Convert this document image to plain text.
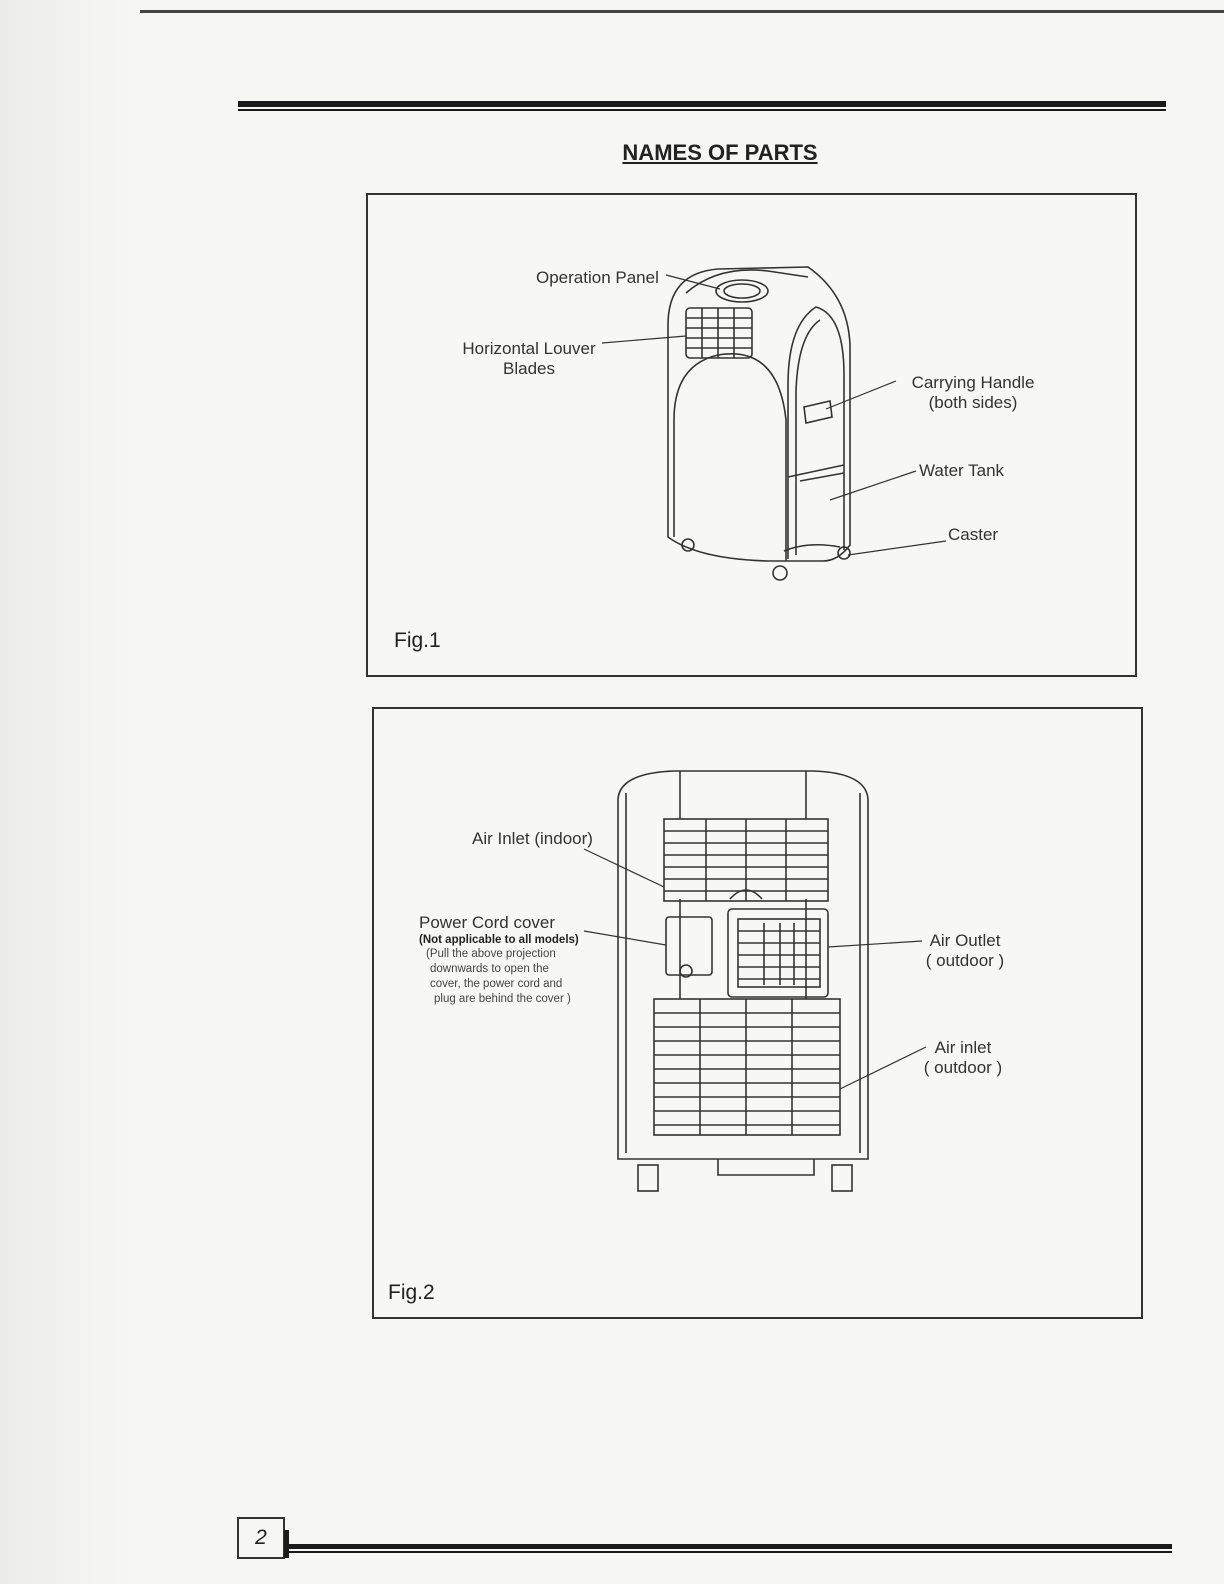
NAMES OF PARTS
Operation Panel
Horizontal Louver
Blades
Carrying Handle
(both sides)
Water Tank
Caster
Fig.1
Air Inlet (indoor)
Power Cord cover
(Not applicable to all models)
(Pull the above projection
downwards to open the
cover, the power cord and
plug are behind the cover )
Air Outlet
( outdoor )
Air inlet
( outdoor )
Fig.2
2
